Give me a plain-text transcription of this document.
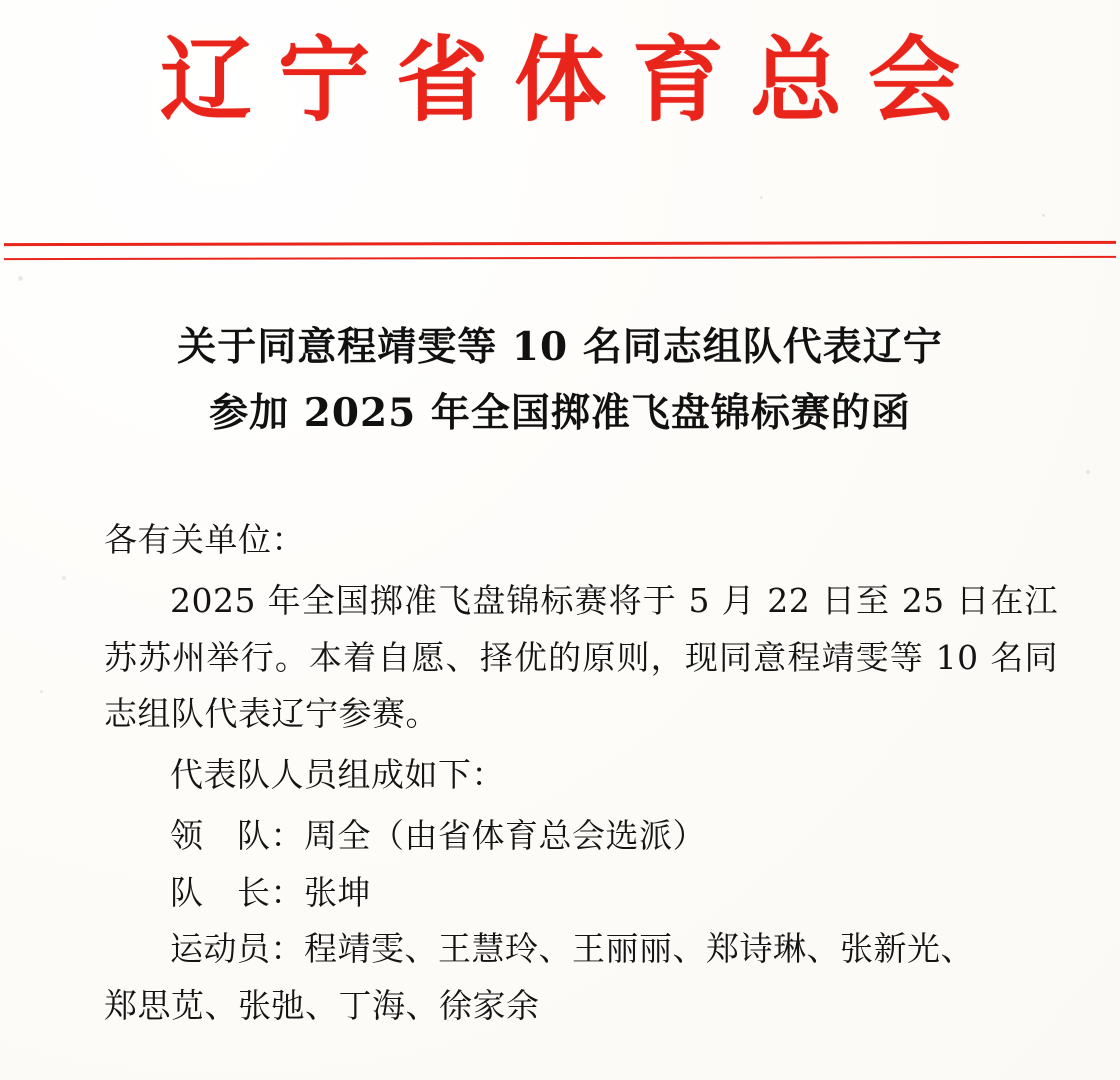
辽宁省体育总会
关于同意程靖雯等 10 名同志组队代表辽宁
参加 2025 年全国掷准飞盘锦标赛的函

各有关单位：

2025 年全国掷准飞盘锦标赛将于 5 月 22 日至 25 日在江苏苏州举行。本着自愿、择优的原则，现同意程靖雯等 10 名同志组队代表辽宁参赛。

代表队人员组成如下：

领　队：周全（由省体育总会选派）

队　长：张坤

运动员：程靖雯、王慧玲、王丽丽、郑诗琳、张新光、

郑思苋、张弛、丁海、徐家余
